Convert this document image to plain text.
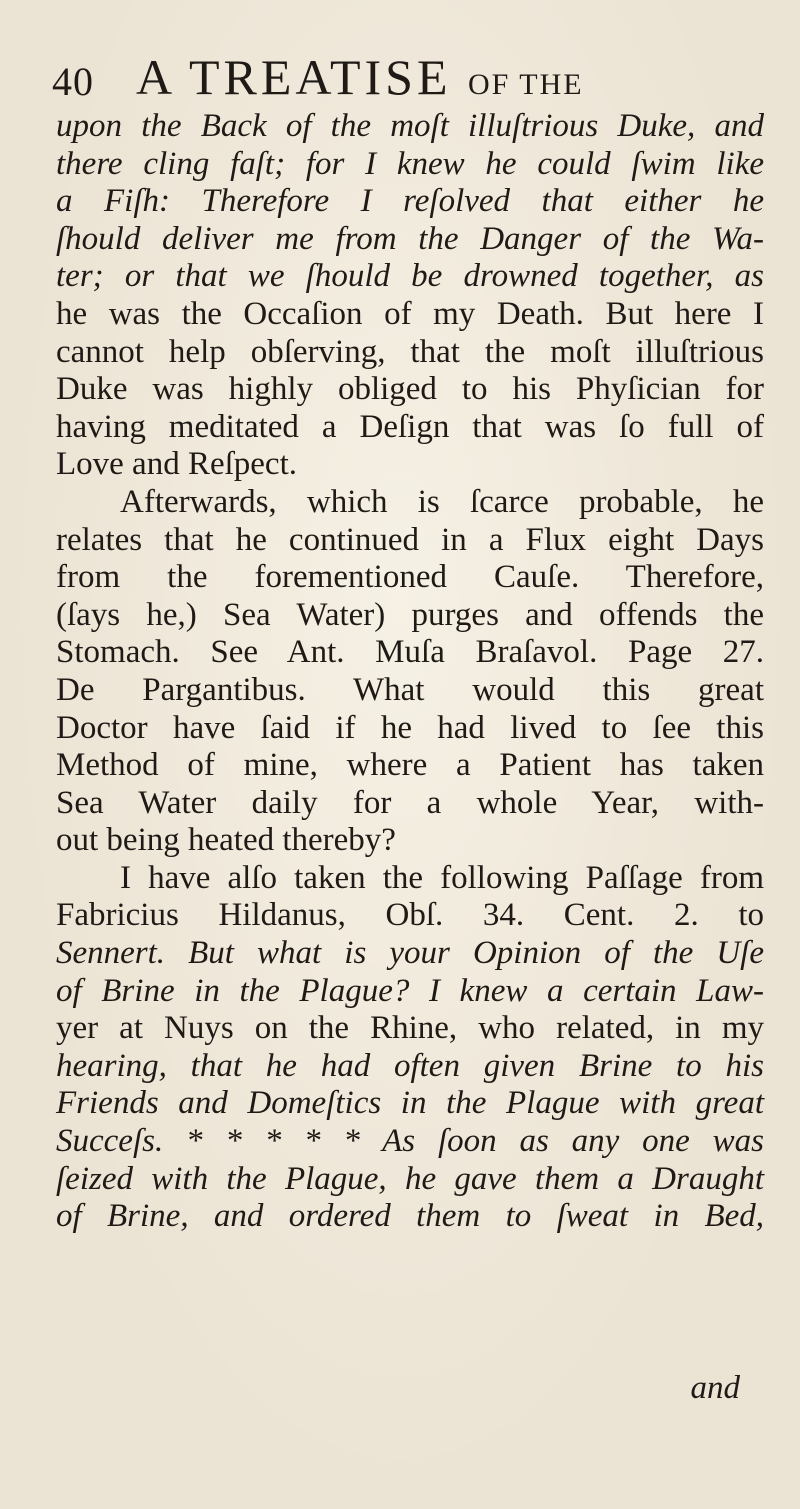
40 A TREATISE OF THE
upon the Back of the moſt illuſtrious Duke, and
there cling faſt; for I knew he could ſwim like
a Fiſh: Therefore I reſolved that either he
ſhould deliver me from the Danger of the Wa-
ter; or that we ſhould be drowned together, as
he was the Occaſion of my Death. But here I
cannot help obſerving, that the moſt illuſtrious
Duke was highly obliged to his Phyſician for
having meditated a Deſign that was ſo full of
Love and Reſpect.
Afterwards, which is ſcarce probable, he
relates that he continued in a Flux eight Days
from the forementioned Cauſe. Therefore,
(ſays he,) Sea Water) purges and offends the
Stomach. See Ant. Muſa Braſavol. Page 27.
De Pargantibus. What would this great
Doctor have ſaid if he had lived to ſee this
Method of mine, where a Patient has taken
Sea Water daily for a whole Year, with-
out being heated thereby?
I have alſo taken the following Paſſage from
Fabricius Hildanus, Obſ. 34. Cent. 2. to
Sennert. But what is your Opinion of the Uſe
of Brine in the Plague? I knew a certain Law-
yer at Nuys on the Rhine, who related, in my
hearing, that he had often given Brine to his
Friends and Domeſtics in the Plague with great
Succeſs. * * * * * As ſoon as any one was
ſeized with the Plague, he gave them a Draught
of Brine, and ordered them to ſweat in Bed,
and
